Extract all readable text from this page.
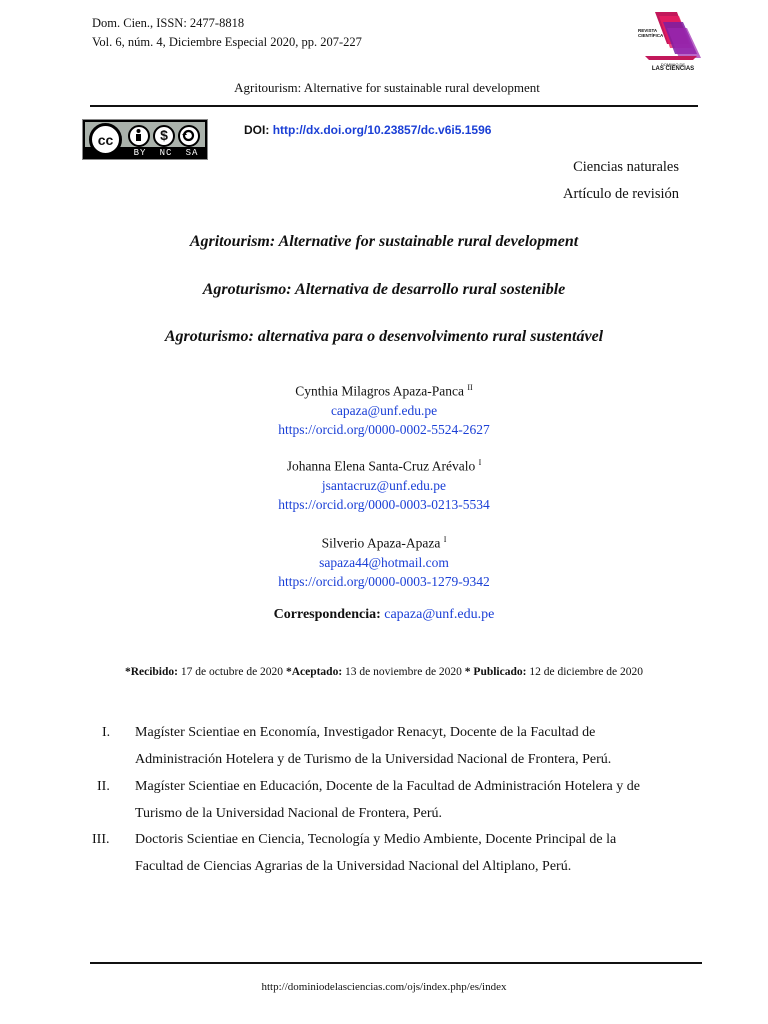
Dom. Cien., ISSN: 2477-8818
Vol. 6, núm. 4, Diciembre Especial 2020, pp. 207-227
REVISTA
CIENTÍFICA
DOMINIO DE
LAS CIENCIAS
Agritourism: Alternative for sustainable rural development
cc	$
BY NC SA
DOI: http://dx.doi.org/10.23857/dc.v6i5.1596
Ciencias naturales
Artículo de revisión
Agritourism: Alternative for sustainable rural development
Agroturismo: Alternativa de desarrollo rural sostenible
Agroturismo: alternativa para o desenvolvimento rural sustentável
Cynthia Milagros Apaza-Panca $^{II}$
capaza@unf.edu.pe
https://orcid.org/0000-0002-5524-2627
Johanna Elena Santa-Cruz Arévalo $^I$
jsantacruz@unf.edu.pe
https://orcid.org/0000-0003-0213-5534
Silverio Apaza-Apaza $^I$
sapaza44@hotmail.com
https://orcid.org/0000-0003-1279-9342
Correspondencia: capaza@unf.edu.pe
*Recibido: 17 de octubre de 2020 *Aceptado: 13 de noviembre de 2020 * Publicado: 12 de diciembre de 2020
I.	Magíster Scientiae en Economía, Investigador Renacyt, Docente de la Facultad de
Administración Hotelera y de Turismo de la Universidad Nacional de Frontera, Perú.
II.	Magíster Scientiae en Educación, Docente de la Facultad de Administración Hotelera y de
Turismo de la Universidad Nacional de Frontera, Perú.
III.	Doctoris Scientiae en Ciencia, Tecnología y Medio Ambiente, Docente Principal de la
Facultad de Ciencias Agrarias de la Universidad Nacional del Altiplano, Perú.
http://dominiodelasciencias.com/ojs/index.php/es/index
